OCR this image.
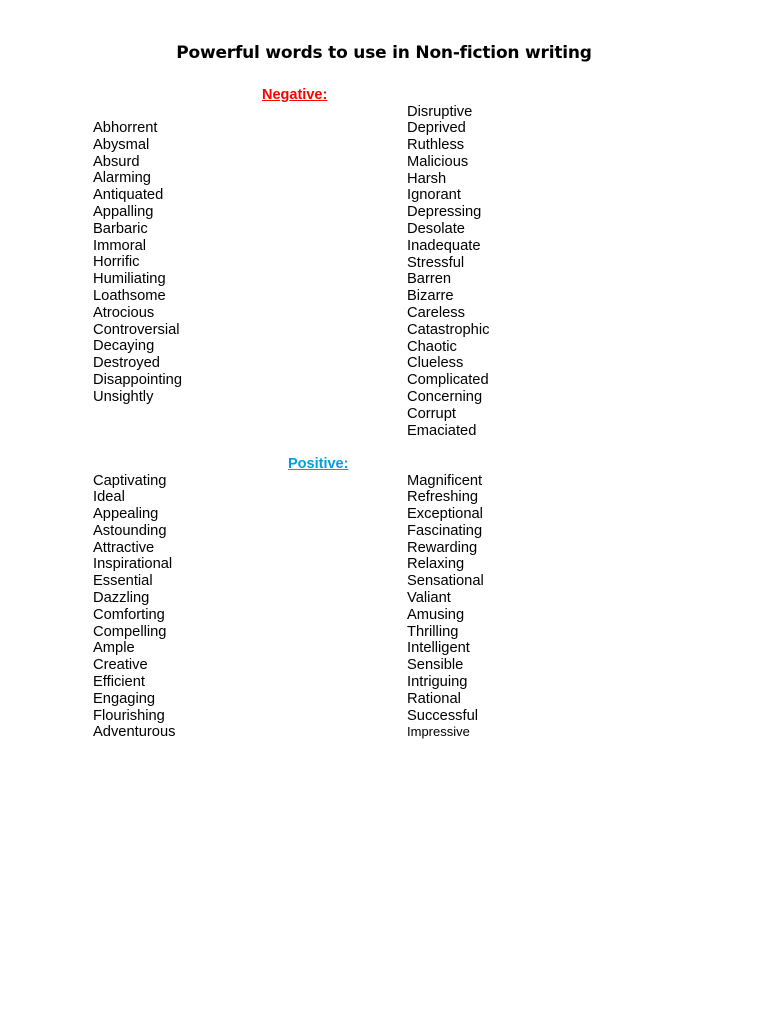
Powerful words to use in Non-fiction writing
Negative:
Abhorrent
Abysmal
Absurd
Alarming
Antiquated
Appalling
Barbaric
Immoral
Horrific
Humiliating
Loathsome
Atrocious
Controversial
Decaying
Destroyed
Disappointing
Unsightly
Disruptive
Deprived
Ruthless
Malicious
Harsh
Ignorant
Depressing
Desolate
Inadequate
Stressful
Barren
Bizarre
Careless
Catastrophic
Chaotic
Clueless
Complicated
Concerning
Corrupt
Emaciated
Positive:
Captivating
Ideal
Appealing
Astounding
Attractive
Inspirational
Essential
Dazzling
Comforting
Compelling
Ample
Creative
Efficient
Engaging
Flourishing
Adventurous
Magnificent
Refreshing
Exceptional
Fascinating
Rewarding
Relaxing
Sensational
Valiant
Amusing
Thrilling
Intelligent
Sensible
Intriguing
Rational
Successful
Impressive
